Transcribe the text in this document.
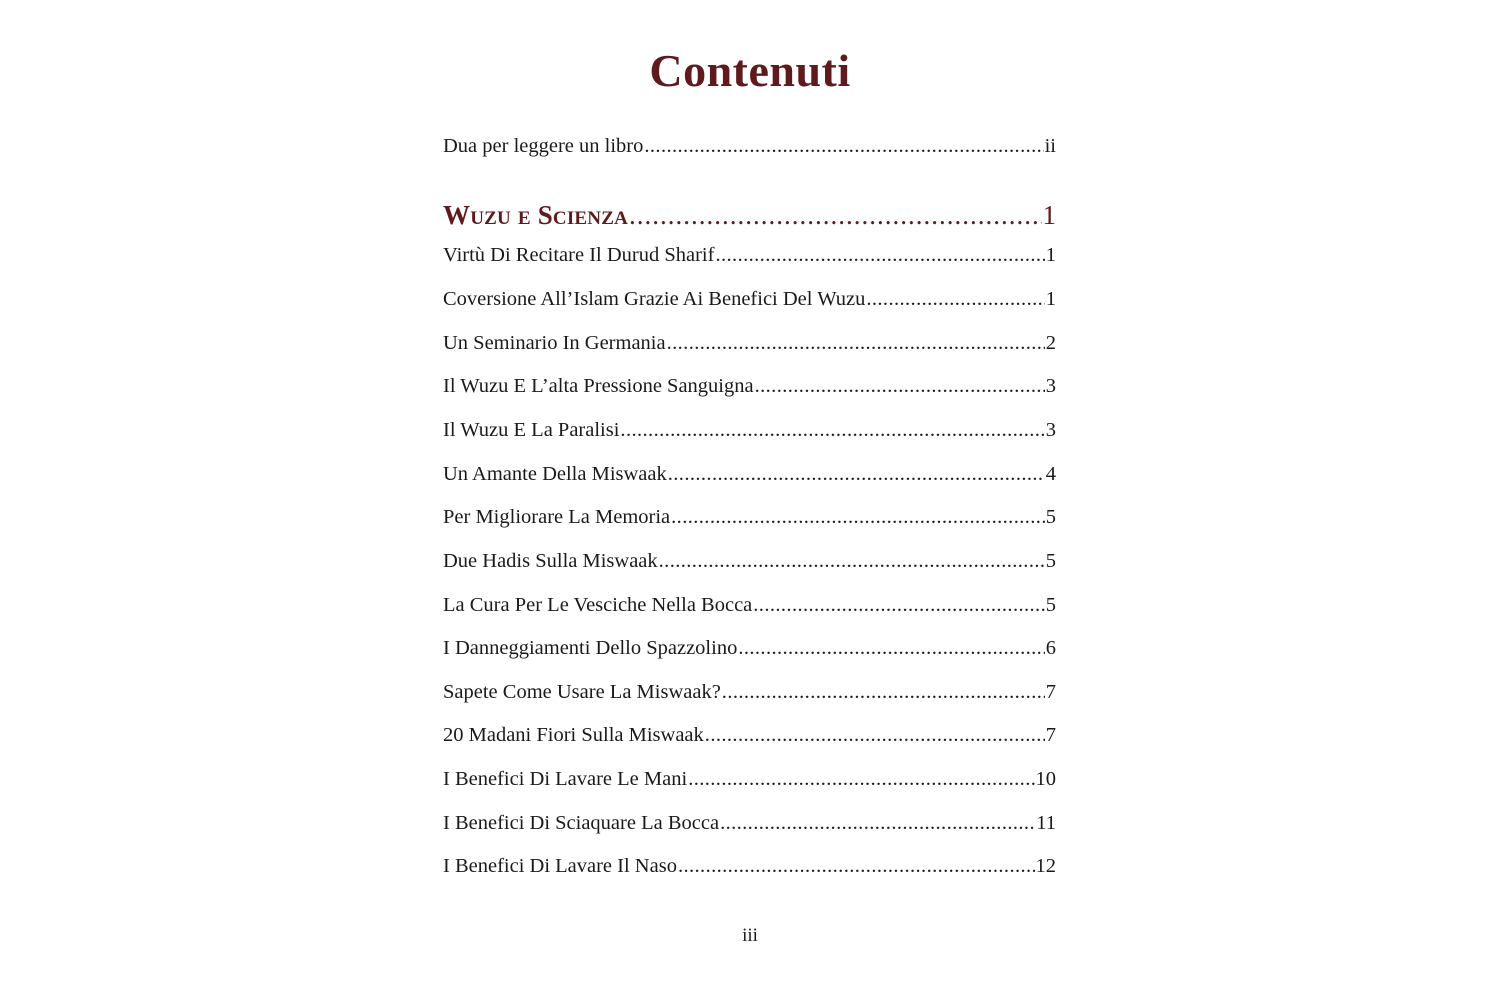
Contenuti
Dua per leggere un libro .....	ii
Wuzu e Scienza .....	1
Virtù Di Recitare Il Durud Sharif .....	1
Coversione All’Islam Grazie Ai Benefici Del Wuzu .....	1
Un Seminario In Germania .....	2
Il Wuzu E L’alta Pressione Sanguigna .....	3
Il Wuzu E La Paralisi .....	3
Un Amante Della Miswaak .....	4
Per Migliorare La Memoria .....	5
Due Hadis Sulla Miswaak .....	5
La Cura Per Le Vesciche Nella Bocca .....	5
I Danneggiamenti Dello Spazzolino .....	6
Sapete Come Usare La Miswaak? .....	7
20 Madani Fiori Sulla Miswaak .....	7
I Benefici Di Lavare Le Mani .....	10
I Benefici Di Sciaquare La Bocca .....	11
I Benefici Di Lavare Il Naso .....	12
iii
